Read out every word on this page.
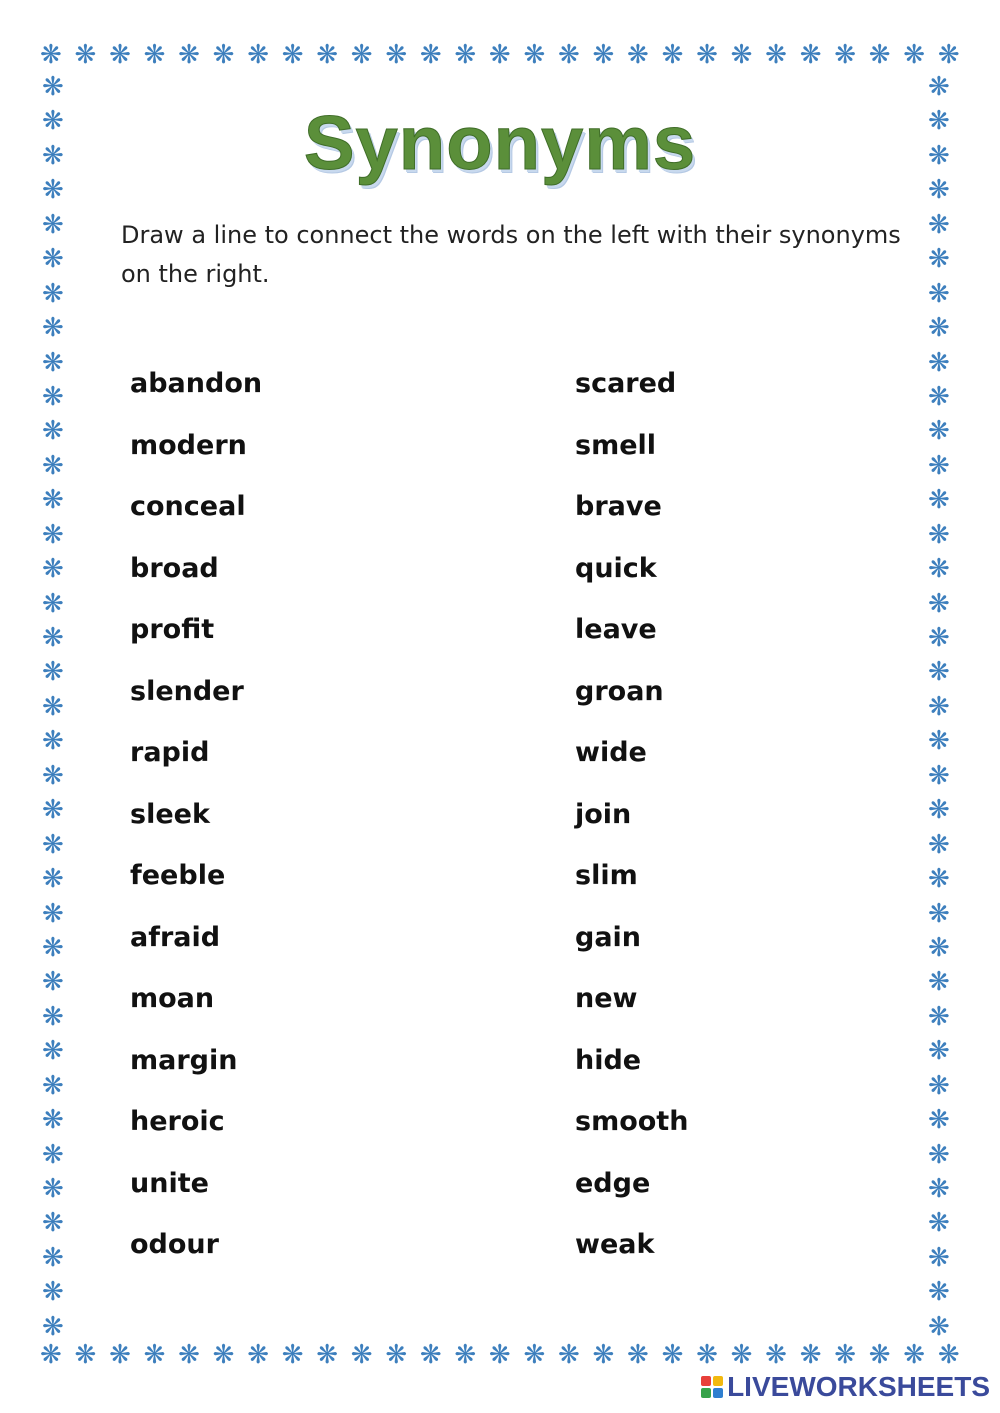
❋ ❋ ❋ ❋ ❋ ❋ ❋ ❋ ❋ ❋ ❋ ❋ ❋ ❋ ❋ ❋ ❋ ❋ ❋ ❋ ❋ ❋ ❋ ❋ ❋ ❋ ❋
❋ ❋ ❋ ❋ ❋ ❋ ❋ ❋ ❋ ❋ ❋ ❋ ❋ ❋ ❋ ❋ ❋ ❋ ❋ ❋ ❋ ❋ ❋ ❋ ❋ ❋ ❋
❋
❋
❋
❋
❋
❋
❋
❋
❋
❋
❋
❋
❋
❋
❋
❋
❋
❋
❋
❋
❋
❋
❋
❋
❋
❋
❋
❋
❋
❋
❋
❋
❋
❋
❋
❋
❋
❋
❋
❋
❋
❋
❋
❋
❋
❋
❋
❋
❋
❋
❋
❋
❋
❋
❋
❋
❋
❋
❋
❋
❋
❋
❋
❋
❋
❋
❋
❋
❋
❋
❋
❋
❋
❋
Synonyms
Draw a line to connect the words on the left with their synonyms on the right.
abandon
modern
conceal
broad
profit
slender
rapid
sleek
feeble
afraid
moan
margin
heroic
unite
odour
scared
smell
brave
quick
leave
groan
wide
join
slim
gain
new
hide
smooth
edge
weak
LIVEWORKSHEETS
